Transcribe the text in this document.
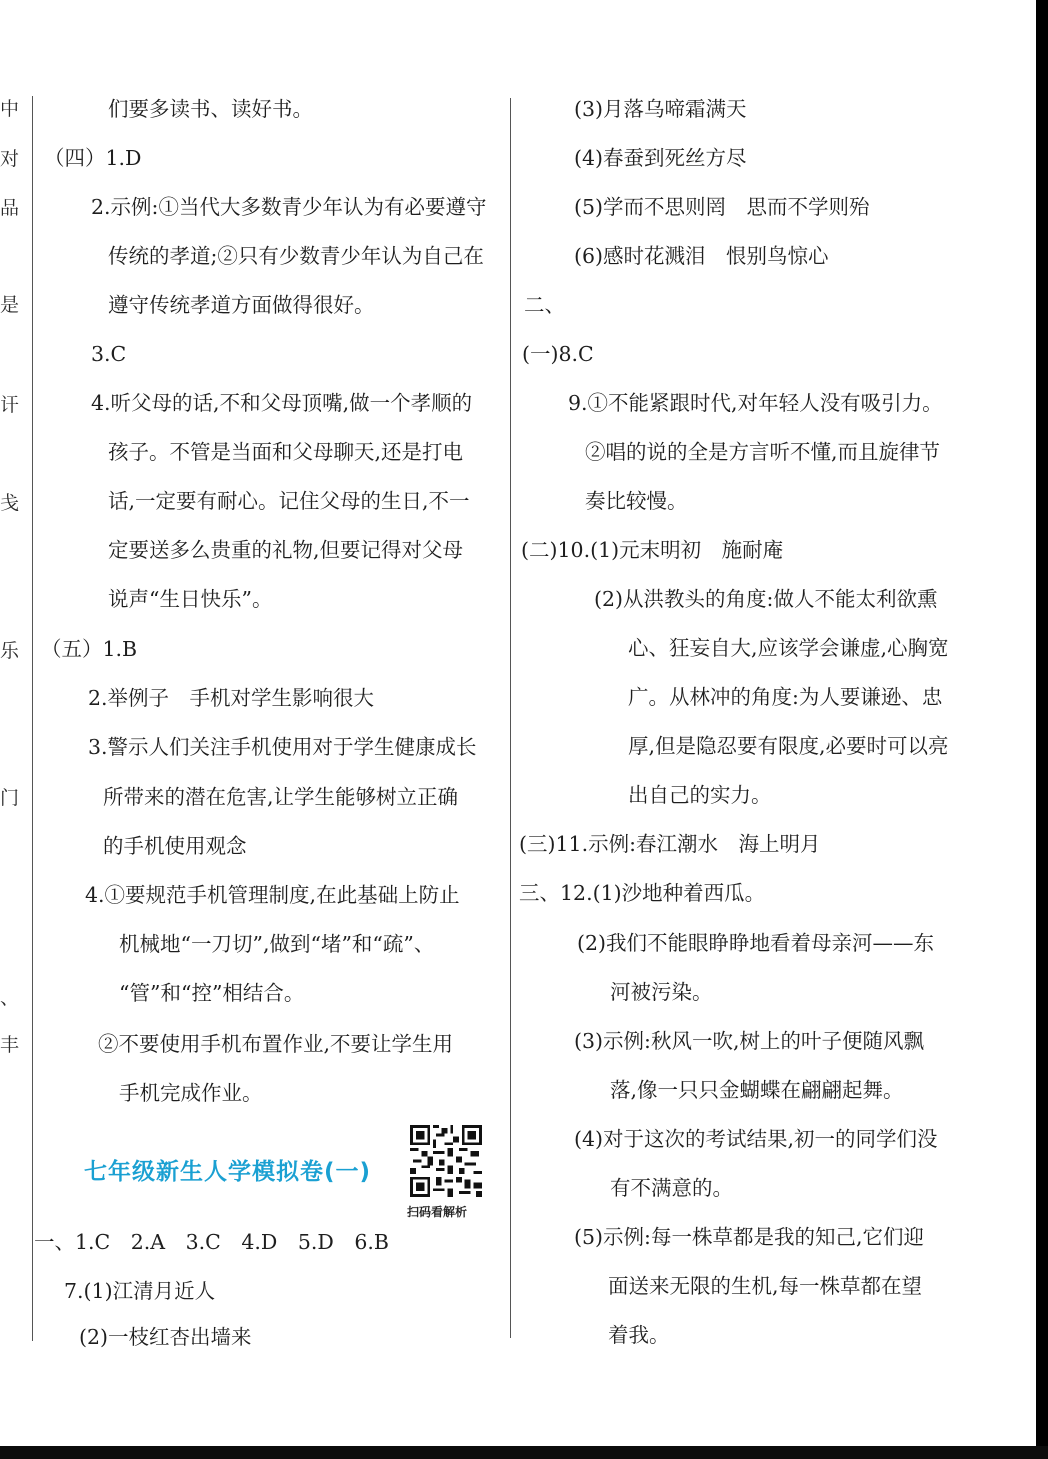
中
对
品
是
讦
戋
乐
门
、
丰
们要多读书、读好书。
（四）1.D
2.示例:①当代大多数青少年认为有必要遵守
传统的孝道;②只有少数青少年认为自己在
遵守传统孝道方面做得很好。
3.C
4.听父母的话,不和父母顶嘴,做一个孝顺的
孩子。不管是当面和父母聊天,还是打电
话,一定要有耐心。记住父母的生日,不一
定要送多么贵重的礼物,但要记得对父母
说声“生日快乐”。
（五）1.B
2.举例子　手机对学生影响很大
3.警示人们关注手机使用对于学生健康成长
所带来的潜在危害,让学生能够树立正确
的手机使用观念
4.①要规范手机管理制度,在此基础上防止
机械地“一刀切”,做到“堵”和“疏”、
“管”和“控”相结合。
②不要使用手机布置作业,不要让学生用
手机完成作业。
七年级新生人学模拟卷(一)
扫码看解析
一、1.C　2.A　3.C　4.D　5.D　6.B
7.(1)江清月近人
(2)一枝红杏出墙来
(3)月落乌啼霜满天
(4)春蚕到死丝方尽
(5)学而不思则罔　思而不学则殆
(6)感时花溅泪　恨别鸟惊心
二、
(一)8.C
9.①不能紧跟时代,对年轻人没有吸引力。
②唱的说的全是方言听不懂,而且旋律节
奏比较慢。
(二)10.(1)元末明初　施耐庵
(2)从洪教头的角度:做人不能太利欲熏
心、狂妄自大,应该学会谦虚,心胸宽
广。从林冲的角度:为人要谦逊、忠
厚,但是隐忍要有限度,必要时可以亮
出自己的实力。
(三)11.示例:春江潮水　海上明月
三、12.(1)沙地种着西瓜。
(2)我们不能眼睁睁地看着母亲河——东
河被污染。
(3)示例:秋风一吹,树上的叶子便随风飘
落,像一只只金蝴蝶在翩翩起舞。
(4)对于这次的考试结果,初一的同学们没
有不满意的。
(5)示例:每一株草都是我的知己,它们迎
面送来无限的生机,每一株草都在望
着我。
